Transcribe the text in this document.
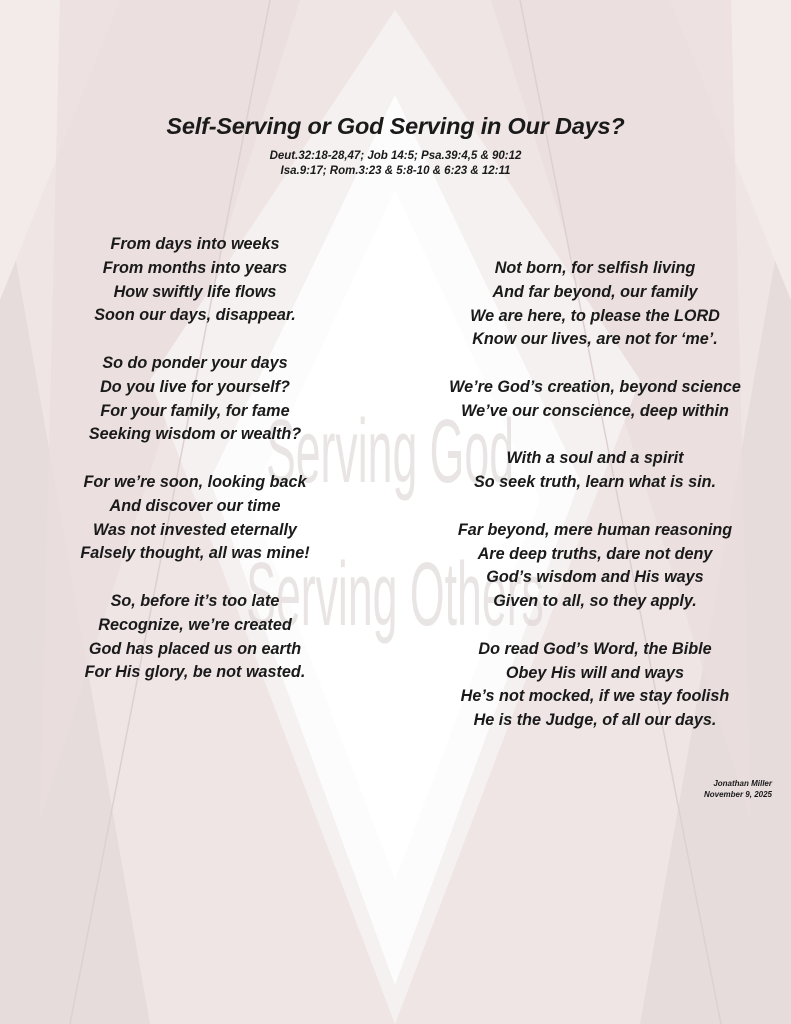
Serving God
Serving Others
Self-Serving or God Serving in Our Days?
Deut.32:18-28,47; Job 14:5; Psa.39:4,5 & 90:12
Isa.9:17; Rom.3:23 & 5:8-10 & 6:23 & 12:11
From days into weeks
From months into years
How swiftly life flows
Soon our days, disappear.
So do ponder your days
Do you live for yourself?
For your family, for fame
Seeking wisdom or wealth?
For we’re soon, looking back
And discover our time
Was not invested eternally
Falsely thought, all was mine!
So, before it’s too late
Recognize, we’re created
God has placed us on earth
For His glory, be not wasted.
Not born, for selfish living
And far beyond, our family
We are here, to please the LORD
Know our lives, are not for ‘me’.
We’re God’s creation, beyond science
We’ve our conscience, deep within
With a soul and a spirit
So seek truth, learn what is sin.
Far beyond, mere human reasoning
Are deep truths, dare not deny
God’s wisdom and His ways
Given to all, so they apply.
Do read God’s Word, the Bible
Obey His will and ways
He’s not mocked, if we stay foolish
He is the Judge, of all our days.
Jonathan Miller
November 9, 2025
